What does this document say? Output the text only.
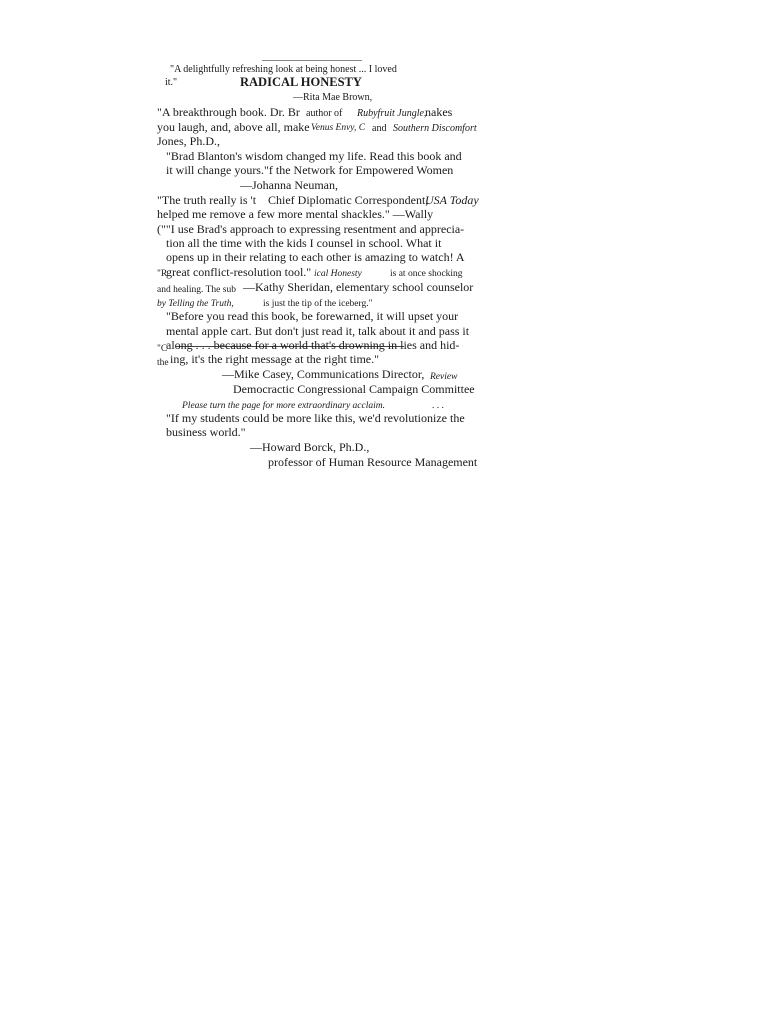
"A delightfully refreshing look at being honest ... I loved
it."	RADICAL HONESTY
—Rita Mae Brown,
"A breakthrough book. Dr. Br author of Rubyfruit Jungle,
nakes
you laugh, and, above all, make Venus Envy, C and Southern Discomfort
Jones, Ph.D.,
"Brad Blanton's wisdom changed my life. Read this book and
it will change yours."f the Network for Empowered Women
—Johanna Neuman,
"The truth really is 't Chief Diplomatic Correspondent,
USA Today
helped me remove a few more mental shackles." —Wally
(""I use Brad's approach to expressing resentment and apprecia-
tion all the time with the kids I counsel in school. What it
opens up in their relating to each other is amazing to watch! A
"R
great conflict-resolution tool." ical Honesty	is at once shocking
and healing. The sub —Kathy Sheridan, elementary school counselor
by Telling the Truth,	is just the tip of the iceberg."
"Before you read this book, be forewarned, it will upset your
mental apple cart. But don't just read it, talk about it and pass it
"C
along . . . because for a world that's drowning in lies and hid-
the ing, it's the right message at the right time."
—Mike Casey, Communications Director, Review
Democractic Congressional Campaign Committee
Please turn the page for more extraordinary acclaim.	. . .
"If my students could be more like this, we'd revolutionize the
business world."
—Howard Borck, Ph.D.,
professor of Human Resource Management
